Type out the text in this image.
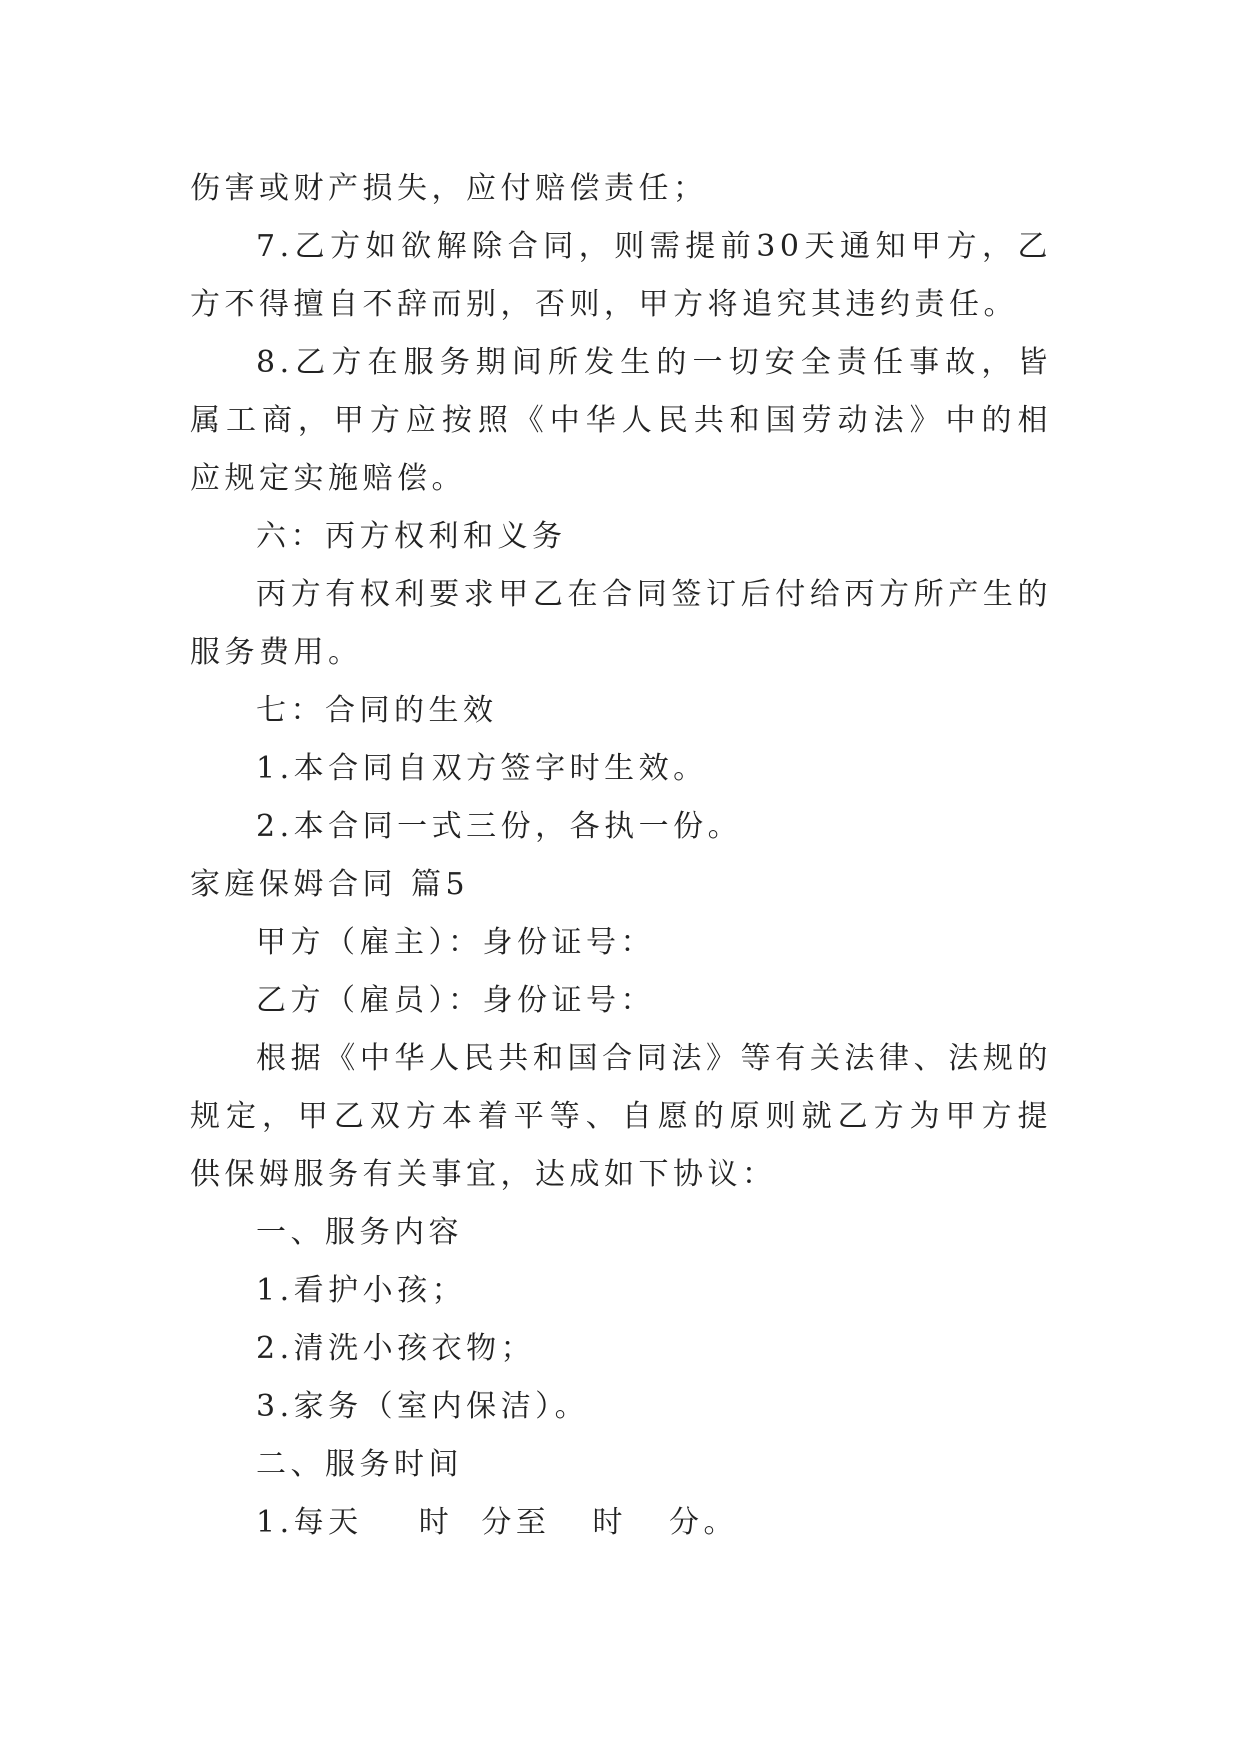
伤害或财产损失，应付赔偿责任；

7.乙方如欲解除合同，则需提前30天通知甲方，乙方不得擅自不辞而别，否则，甲方将追究其违约责任。

8.乙方在服务期间所发生的一切安全责任事故，皆属工商，甲方应按照《中华人民共和国劳动法》中的相应规定实施赔偿。

六：丙方权利和义务

丙方有权利要求甲乙在合同签订后付给丙方所产生的服务费用。

七：合同的生效

1.本合同自双方签字时生效。

2.本合同一式三份，各执一份。

家庭保姆合同 篇5

甲方（雇主）：身份证号：

乙方（雇员）：身份证号：

根据《中华人民共和国合同法》等有关法律、法规的规定，甲乙双方本着平等、自愿的原则就乙方为甲方提供保姆服务有关事宜，达成如下协议：

一、服务内容

1.看护小孩；

2.清洗小孩衣物；

3.家务（室内保洁）。

二、服务时间

1.每天    时  分至   时   分。
